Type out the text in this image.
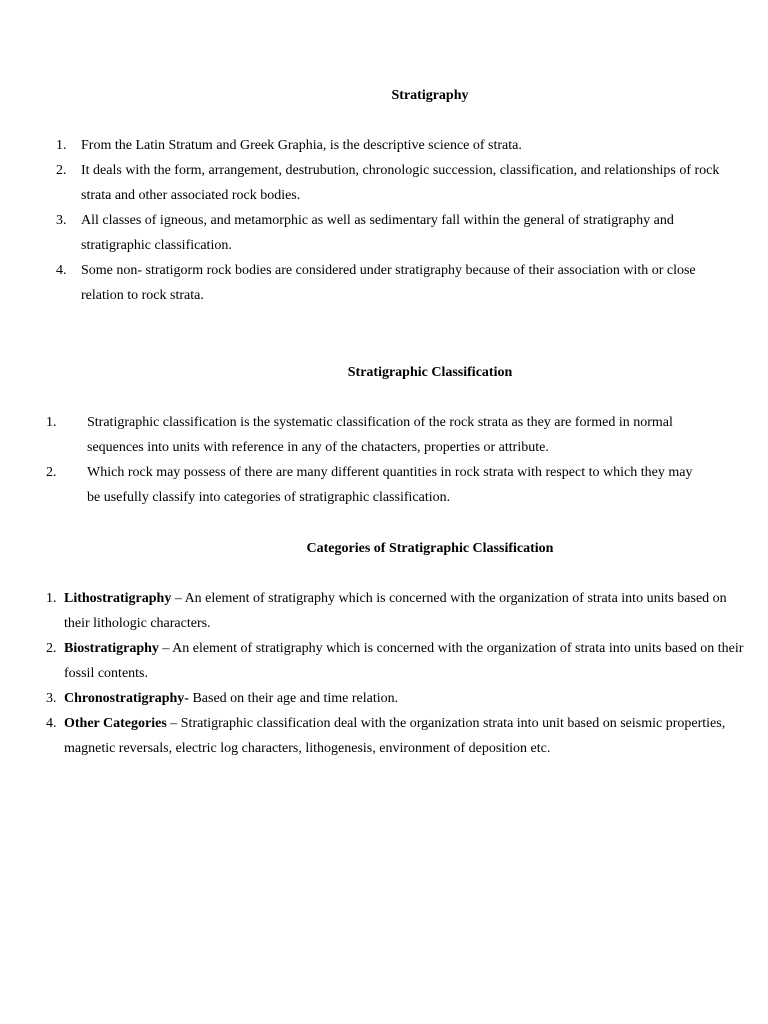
Stratigraphy
1. From the Latin Stratum and Greek Graphia, is the descriptive science of strata.
2. It deals with the form, arrangement, destrubution, chronologic succession, classification, and relationships of rock strata and other associated rock bodies.
3. All classes of igneous, and metamorphic as well as sedimentary fall within the general of stratigraphy and stratigraphic classification.
4. Some non- stratigorm rock bodies are considered under stratigraphy because of their association with or close relation to rock strata.
Stratigraphic Classification
1. Stratigraphic classification is the systematic classification of the rock strata as they are formed in normal sequences into units with reference in any of the chatacters, properties or attribute.
2. Which rock may possess of there are many different quantities in rock strata with respect to which they may be usefully classify into categories of stratigraphic classification.
Categories of Stratigraphic Classification
1. Lithostratigraphy – An element of stratigraphy which is concerned with the organization of strata into units based on their lithologic characters.
2. Biostratigraphy – An element of stratigraphy which is concerned with the organization of strata into units based on their fossil contents.
3. Chronostratigraphy- Based on their age and time relation.
4. Other Categories – Stratigraphic classification deal with the organization strata into unit based on seismic properties, magnetic reversals, electric log characters, lithogenesis, environment of deposition etc.
